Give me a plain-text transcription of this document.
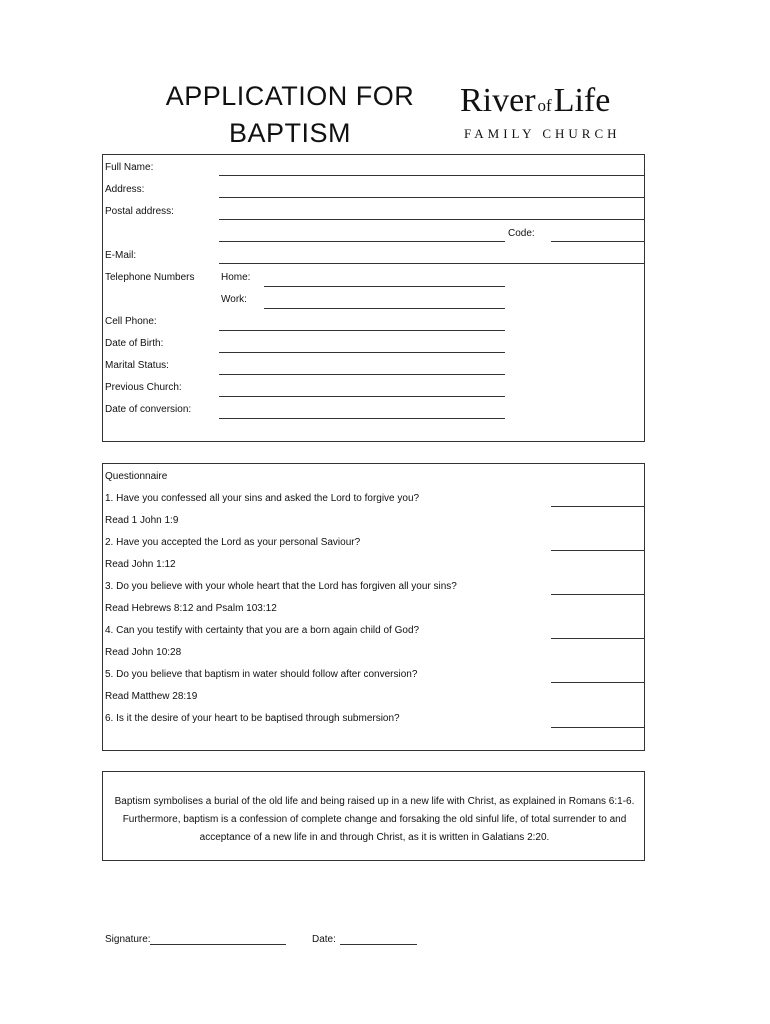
APPLICATION FOR
BAPTISM
River ofLife
FAMILY CHURCH
Full Name:
Address:
Postal address:
Code:
E-Mail:
Telephone Numbers	Home:
Work:
Cell Phone:
Date of Birth:
Marital Status:
Previous Church:
Date of conversion:
Questionnaire
1. Have you confessed all your sins and asked the Lord to forgive you?
Read 1 John 1:9
2. Have you accepted the Lord as your personal Saviour?
Read John 1:12
3. Do you believe with your whole heart that the Lord has forgiven all your sins?
Read Hebrews 8:12 and Psalm 103:12
4. Can you testify with certainty that you are a born again child of God?
Read John 10:28
5. Do you believe that baptism in water should follow after conversion?
Read Matthew 28:19
6. Is it the desire of your heart to be baptised through submersion?
Baptism symbolises a burial of the old life and being raised up in a new life with Christ, as explained in Romans 6:1-6. Furthermore, baptism is a confession of complete change and forsaking the old sinful life, of total surrender to and acceptance of a new life in and through Christ, as it is written in Galatians 2:20.
Signature:	Date:
